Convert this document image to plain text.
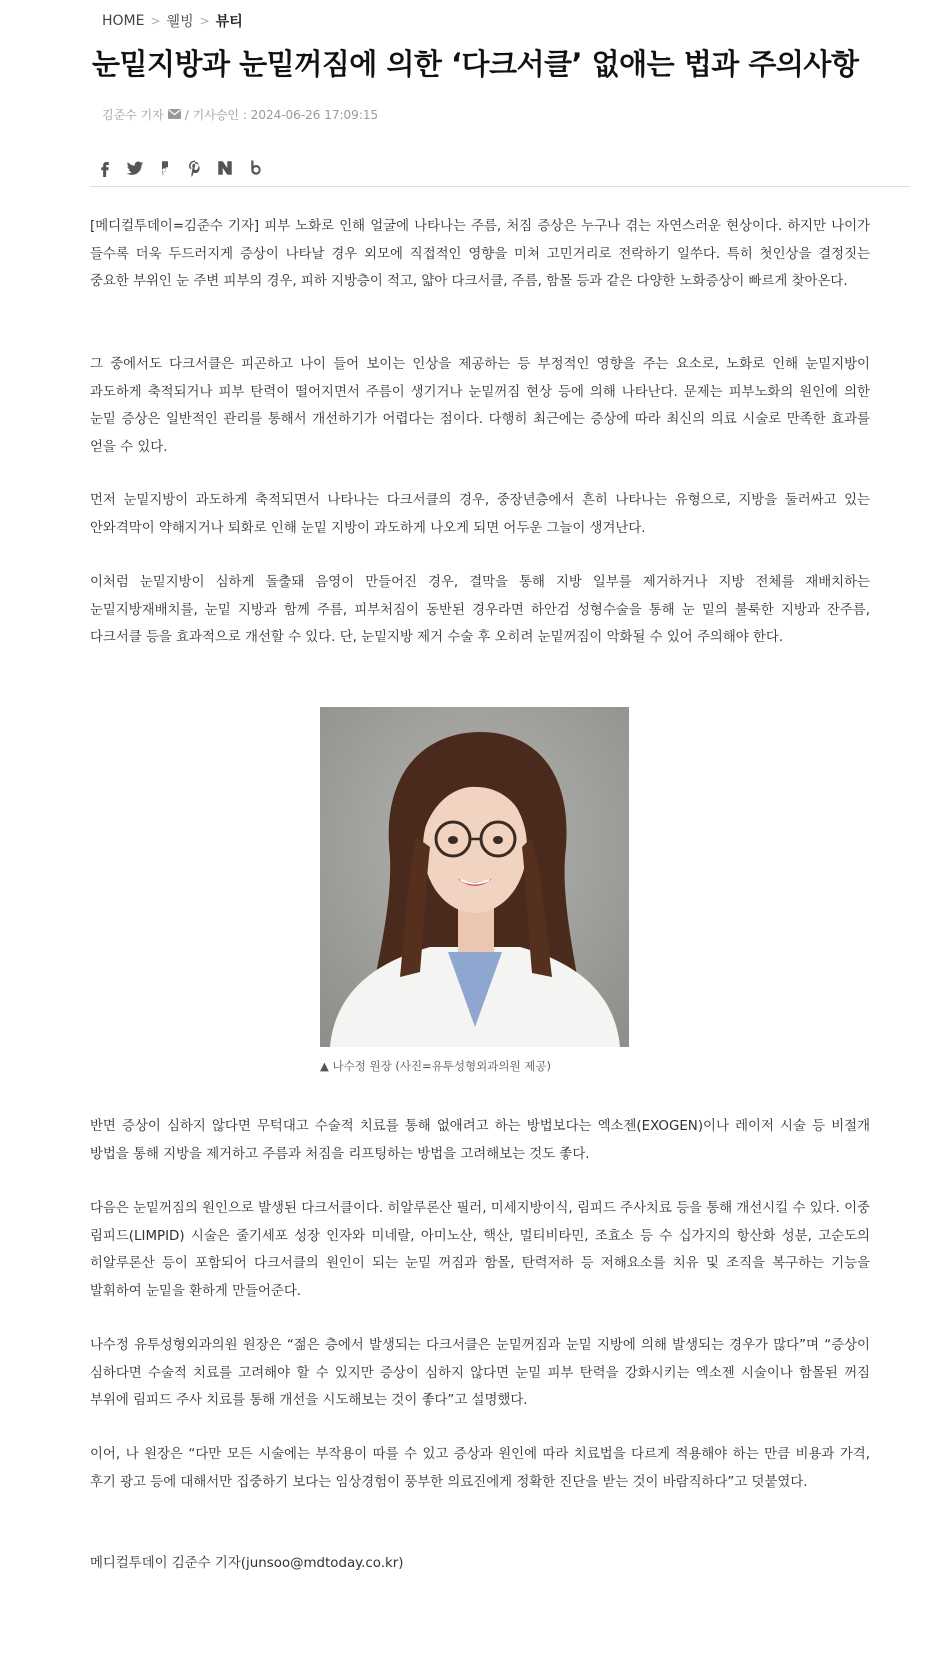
HOME > 웰빙 > 뷰티
눈밑지방과 눈밑꺼짐에 의한 ‘다크서클’ 없애는 법과 주의사항
김준수 기자 / 기사승인 : 2024-06-26 17:09:15

[메디컬투데이=김준수 기자] 피부 노화로 인해 얼굴에 나타나는 주름, 처짐 증상은 누구나 겪는 자연스러운 현상이다. 하지만 나이가 들수록 더욱 두드러지게 증상이 나타날 경우 외모에 직접적인 영향을 미쳐 고민거리로 전락하기 일쑤다. 특히 첫인상을 결정짓는 중요한 부위인 눈 주변 피부의 경우, 피하 지방층이 적고, 얇아 다크서클, 주름, 함몰 등과 같은 다양한 노화증상이 빠르게 찾아온다.

그 중에서도 다크서클은 피곤하고 나이 들어 보이는 인상을 제공하는 등 부정적인 영향을 주는 요소로, 노화로 인해 눈밑지방이 과도하게 축적되거나 피부 탄력이 떨어지면서 주름이 생기거나 눈밑꺼짐 현상 등에 의해 나타난다. 문제는 피부노화의 원인에 의한 눈밑 증상은 일반적인 관리를 통해서 개선하기가 어렵다는 점이다. 다행히 최근에는 증상에 따라 최신의 의료 시술로 만족한 효과를 얻을 수 있다.

먼저 눈밑지방이 과도하게 축적되면서 나타나는 다크서클의 경우, 중장년층에서 흔히 나타나는 유형으로, 지방을 둘러싸고 있는 안와격막이 약해지거나 퇴화로 인해 눈밑 지방이 과도하게 나오게 되면 어두운 그늘이 생겨난다.

이처럼 눈밑지방이 심하게 돌출돼 음영이 만들어진 경우, 결막을 통해 지방 일부를 제거하거나 지방 전체를 재배치하는 눈밑지방재배치를, 눈밑 지방과 함께 주름, 피부처짐이 동반된 경우라면 하안검 성형수술을 통해 눈 밑의 불룩한 지방과 잔주름, 다크서클 등을 효과적으로 개선할 수 있다. 단, 눈밑지방 제거 수술 후 오히려 눈밑꺼짐이 악화될 수 있어 주의해야 한다.

▲ 나수정 원장 (사진=유투성형외과의원 제공)

반면 증상이 심하지 않다면 무턱대고 수술적 치료를 통해 없애려고 하는 방법보다는 엑소젠(EXOGEN)이나 레이저 시술 등 비절개 방법을 통해 지방을 제거하고 주름과 처짐을 리프팅하는 방법을 고려해보는 것도 좋다.

다음은 눈밑꺼짐의 원인으로 발생된 다크서클이다. 히알루론산 필러, 미세지방이식, 림피드 주사치료 등을 통해 개선시킬 수 있다. 이중 림피드(LIMPID) 시술은 줄기세포 성장 인자와 미네랄, 아미노산, 핵산, 멀티비타민, 조효소 등 수 십가지의 항산화 성분, 고순도의 히알루론산 등이 포함되어 다크서클의 원인이 되는 눈밑 꺼짐과 함몰, 탄력저하 등 저해요소를 치유 및 조직을 복구하는 기능을 발휘하여 눈밑을 환하게 만들어준다.

나수정 유투성형외과의원 원장은 “젊은 층에서 발생되는 다크서클은 눈밑꺼짐과 눈밑 지방에 의해 발생되는 경우가 많다”며 “증상이 심하다면 수술적 치료를 고려해야 할 수 있지만 증상이 심하지 않다면 눈밑 피부 탄력을 강화시키는 엑소젠 시술이나 함몰된 꺼짐 부위에 림피드 주사 치료를 통해 개선을 시도해보는 것이 좋다”고 설명했다.

이어, 나 원장은 “다만 모든 시술에는 부작용이 따를 수 있고 증상과 원인에 따라 치료법을 다르게 적용해야 하는 만큼 비용과 가격, 후기 광고 등에 대해서만 집중하기 보다는 임상경험이 풍부한 의료진에게 정확한 진단을 받는 것이 바람직하다”고 덧붙였다.

메디컬투데이 김준수 기자(junsoo@mdtoday.co.kr)
